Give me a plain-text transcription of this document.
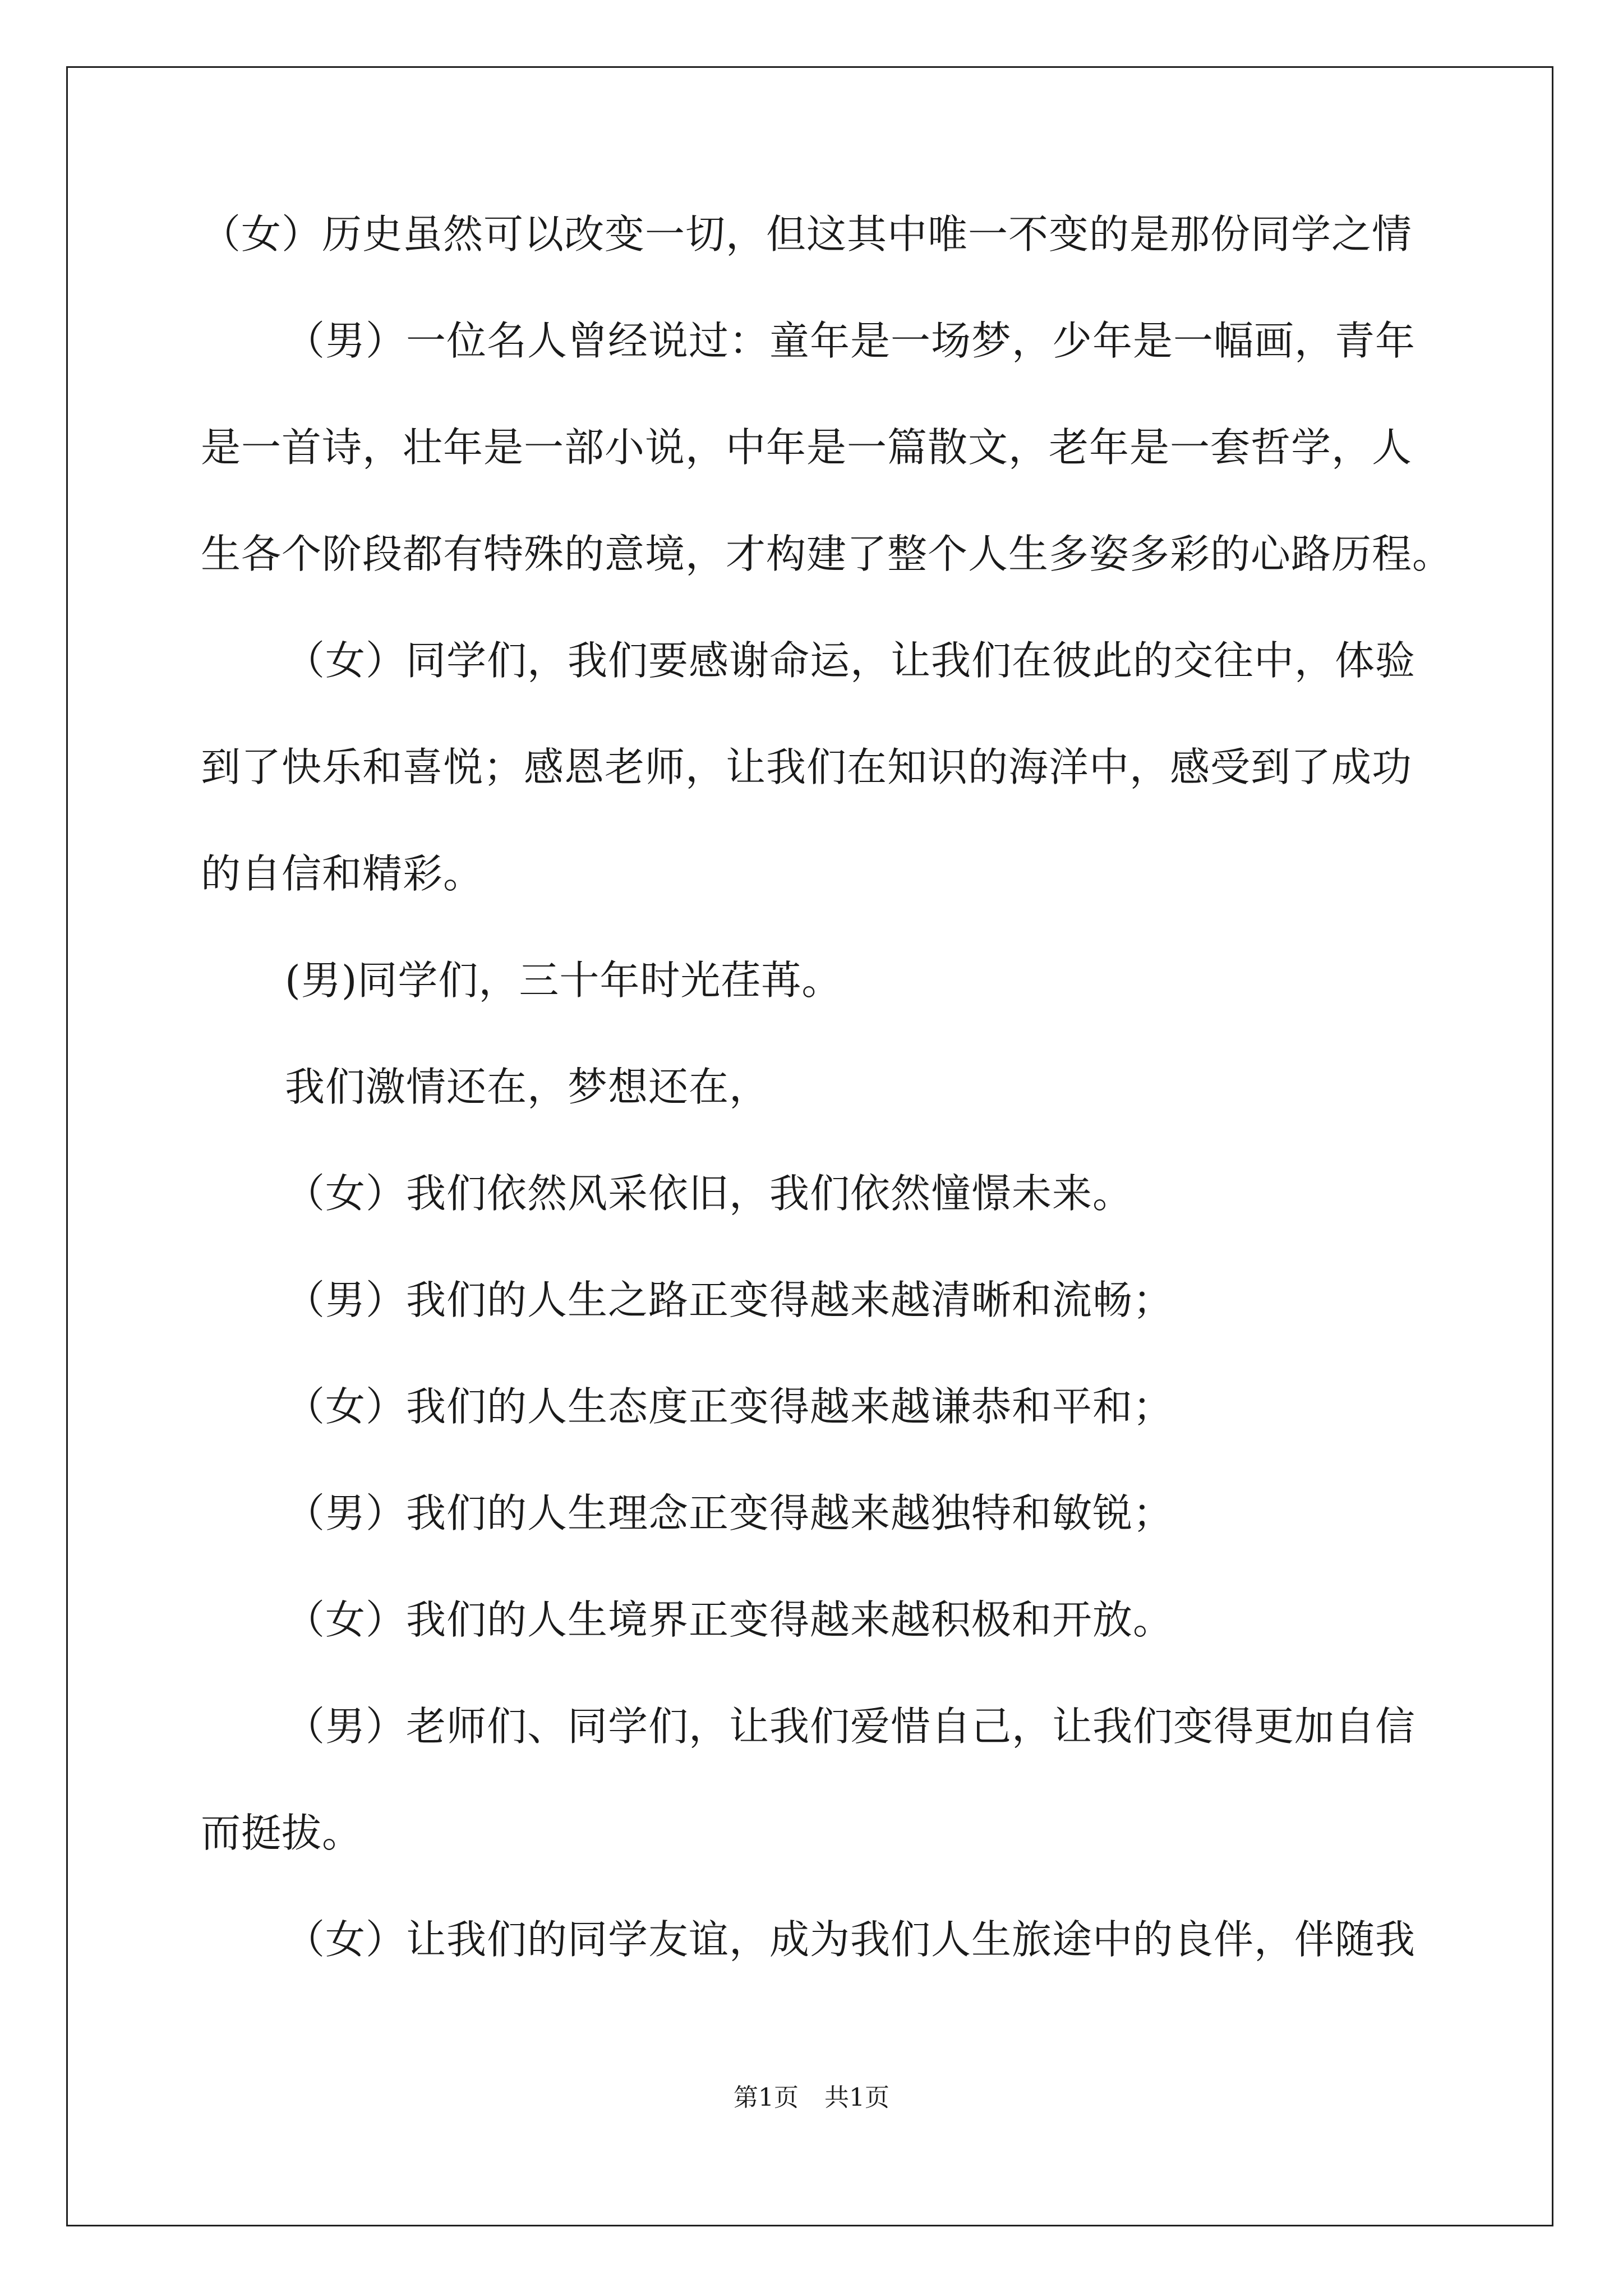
（女）历史虽然可以改变一切，但这其中唯一不变的是那份同学之情
（男）一位名人曾经说过：童年是一场梦，少年是一幅画，青年
是一首诗，壮年是一部小说，中年是一篇散文，老年是一套哲学，人
生各个阶段都有特殊的意境，才构建了整个人生多姿多彩的心路历程。
（女）同学们，我们要感谢命运，让我们在彼此的交往中，体验
到了快乐和喜悦；感恩老师，让我们在知识的海洋中，感受到了成功
的自信和精彩。
(男)同学们，三十年时光荏苒。
我们激情还在，梦想还在，
（女）我们依然风采依旧，我们依然憧憬未来。
（男）我们的人生之路正变得越来越清晰和流畅；
（女）我们的人生态度正变得越来越谦恭和平和；
（男）我们的人生理念正变得越来越独特和敏锐；
（女）我们的人生境界正变得越来越积极和开放。
（男）老师们、同学们，让我们爱惜自己，让我们变得更加自信
而挺拔。
（女）让我们的同学友谊，成为我们人生旅途中的良伴，伴随我
第1页 共1页
